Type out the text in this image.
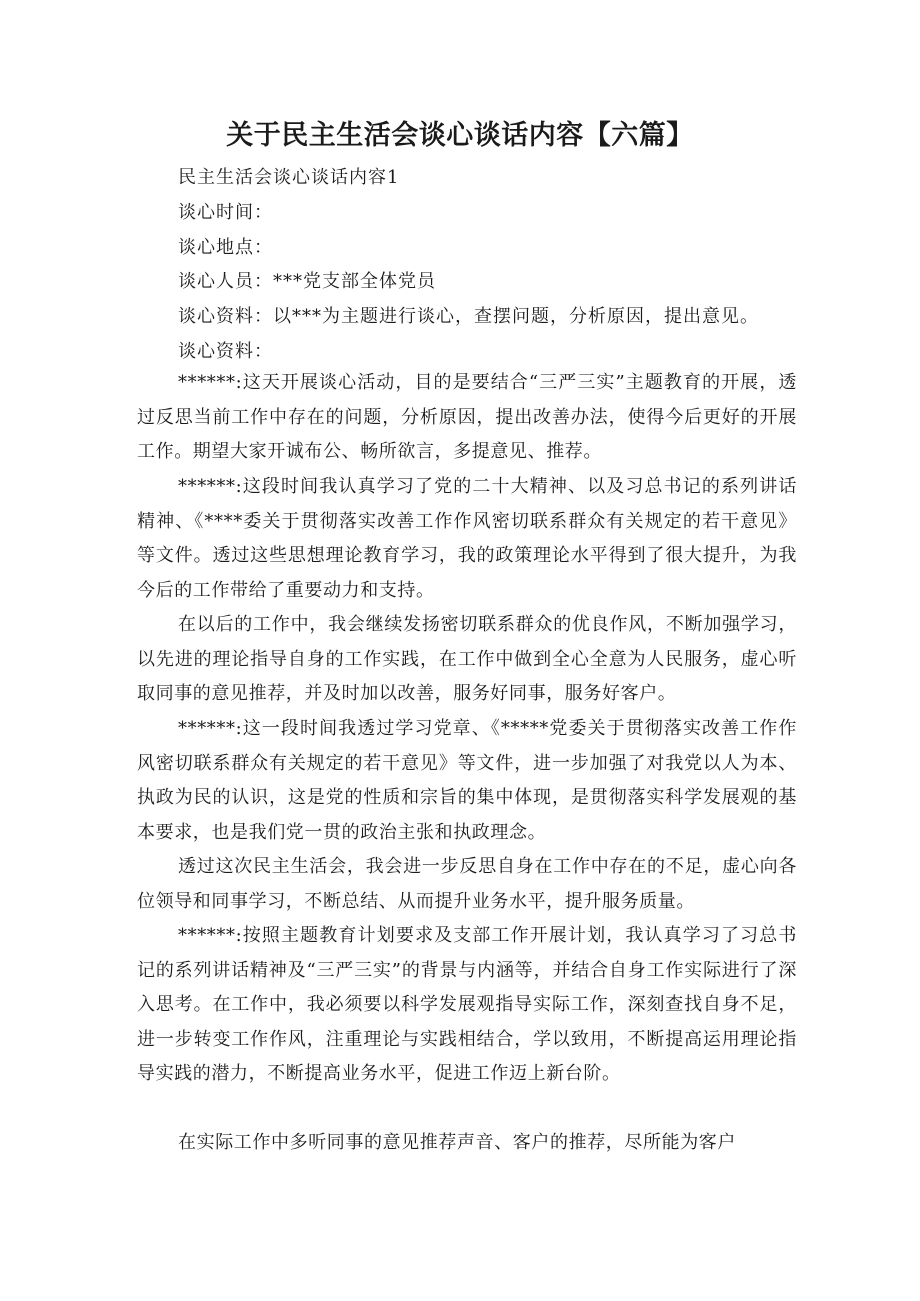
关于民主生活会谈心谈话内容【六篇】
民主生活会谈心谈话内容1
谈心时间：
谈心地点：
谈心人员：***党支部全体党员
谈心资料：以***为主题进行谈心，查摆问题，分析原因，提出意见。
谈心资料：

******:这天开展谈心活动，目的是要结合“三严三实”主题教育的开展，透过反思当前工作中存在的问题，分析原因，提出改善办法，使得今后更好的开展工作。期望大家开诚布公、畅所欲言，多提意见、推荐。

******:这段时间我认真学习了党的二十大精神、以及习总书记的系列讲话精神、《****委关于贯彻落实改善工作作风密切联系群众有关规定的若干意见》等文件。透过这些思想理论教育学习，我的政策理论水平得到了很大提升，为我今后的工作带给了重要动力和支持。

在以后的工作中，我会继续发扬密切联系群众的优良作风，不断加强学习，以先进的理论指导自身的工作实践，在工作中做到全心全意为人民服务，虚心听取同事的意见推荐，并及时加以改善，服务好同事，服务好客户。

******:这一段时间我透过学习党章、《*****党委关于贯彻落实改善工作作风密切联系群众有关规定的若干意见》等文件，进一步加强了对我党以人为本、执政为民的认识，这是党的性质和宗旨的集中体现，是贯彻落实科学发展观的基本要求，也是我们党一贯的政治主张和执政理念。

透过这次民主生活会，我会进一步反思自身在工作中存在的不足，虚心向各位领导和同事学习，不断总结、从而提升业务水平，提升服务质量。

******:按照主题教育计划要求及支部工作开展计划，我认真学习了习总书记的系列讲话精神及“三严三实”的背景与内涵等，并结合自身工作实际进行了深入思考。在工作中，我必须要以科学发展观指导实际工作，深刻查找自身不足，进一步转变工作作风，注重理论与实践相结合，学以致用，不断提高运用理论指导实践的潜力，不断提高业务水平，促进工作迈上新台阶。

在实际工作中多听同事的意见推荐声音、客户的推荐，尽所能为客户
